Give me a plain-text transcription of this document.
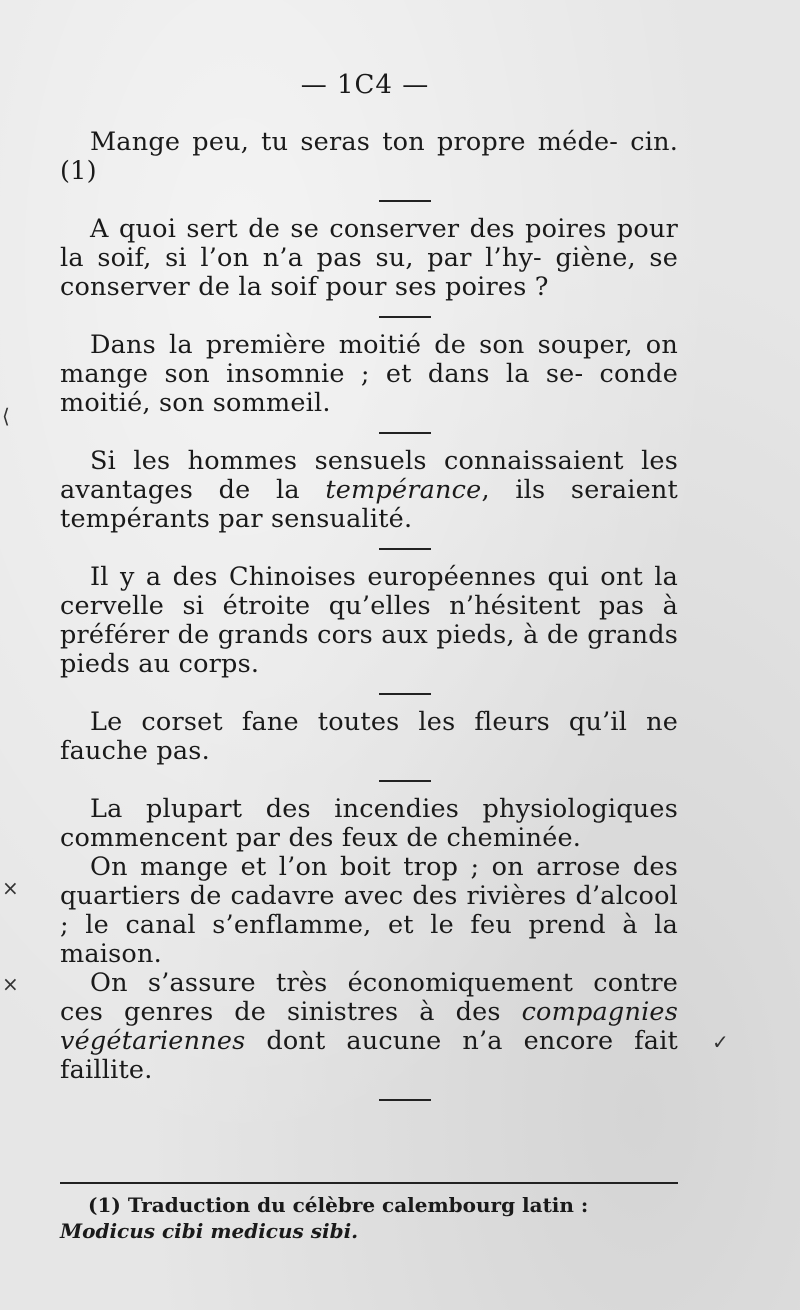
— 1C4 —

Mange peu, tu seras ton propre méde- cin. (1)

A quoi sert de se conserver des poires pour la soif, si l’on n’a pas su, par l’hy- giène, se conserver de la soif pour ses poires ?

Dans la première moitié de son souper, on mange son insomnie ; et dans la se- conde moitié, son sommeil.

Si les hommes sensuels connaissaient les avantages de la tempérance, ils seraient tempérants par sensualité.

Il y a des Chinoises européennes qui ont la cervelle si étroite qu’elles n’hésitent pas à préférer de grands cors aux pieds, à de grands pieds au corps.

Le corset fane toutes les fleurs qu’il ne fauche pas.

La plupart des incendies physiologiques commencent par des feux de cheminée.

On mange et l’on boit trop ; on arrose des quartiers de cadavre avec des rivières d’alcool ; le canal s’enflamme, et le feu prend à la maison.

On s’assure très économiquement contre ces genres de sinistres à des compagnies végétariennes dont aucune n’a encore fait faillite.

(1) Traduction du célèbre calembourg latin :
Modicus cibi medicus sibi.
⟨
×
×
✓
